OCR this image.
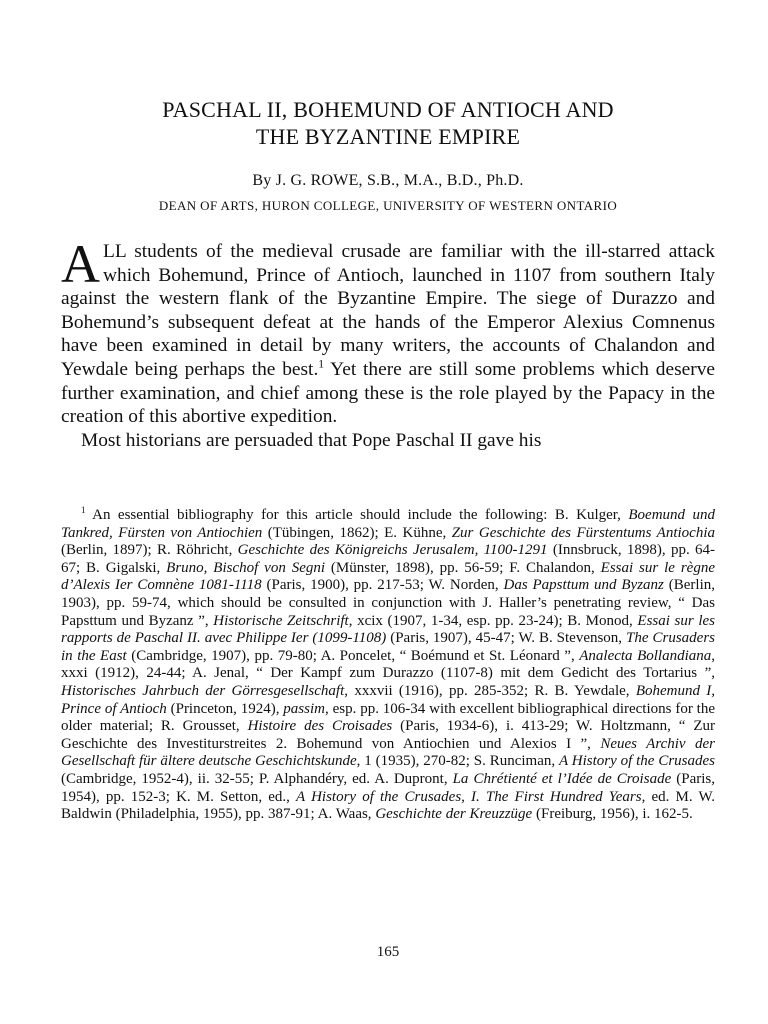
PASCHAL II, BOHEMUND OF ANTIOCH AND
THE BYZANTINE EMPIRE
By J. G. ROWE, S.B., M.A., B.D., Ph.D.
DEAN OF ARTS, HURON COLLEGE, UNIVERSITY OF WESTERN ONTARIO

ALL students of the medieval crusade are familiar with the ill-starred attack which Bohemund, Prince of Antioch, launched in 1107 from southern Italy against the western flank of the Byzantine Empire. The siege of Durazzo and Bohemund’s subsequent defeat at the hands of the Emperor Alexius Comnenus have been examined in detail by many writers, the accounts of Chalandon and Yewdale being perhaps the best.$^1$ Yet there are still some problems which deserve further examination, and chief among these is the role played by the Papacy in the creation of this abortive expedition.

Most historians are persuaded that Pope Paschal II gave his

$^1$ An essential bibliography for this article should include the following: B. Kulger, Boemund und Tankred, Fürsten von Antiochien (Tübingen, 1862); E. Kühne, Zur Geschichte des Fürstentums Antiochia (Berlin, 1897); R. Röhricht, Geschichte des Königreichs Jerusalem, 1100-1291 (Innsbruck, 1898), pp. 64-67; B. Gigalski, Bruno, Bischof von Segni (Münster, 1898), pp. 56-59; F. Chalandon, Essai sur le règne d’Alexis Ier Comnène 1081-1118 (Paris, 1900), pp. 217-53; W. Norden, Das Papsttum und Byzanz (Berlin, 1903), pp. 59-74, which should be consulted in conjunction with J. Haller’s penetrating review, “ Das Papsttum und Byzanz ”, Historische Zeitschrift, xcix (1907, 1-34, esp. pp. 23-24); B. Monod, Essai sur les rapports de Paschal II. avec Philippe Ier (1099-1108) (Paris, 1907), 45-47; W. B. Stevenson, The Crusaders in the East (Cambridge, 1907), pp. 79-80; A. Poncelet, “ Boémund et St. Léonard ”, Analecta Bollandiana, xxxi (1912), 24-44; A. Jenal, “ Der Kampf zum Durazzo (1107-8) mit dem Gedicht des Tortarius ”, Historisches Jahrbuch der Görresgesellschaft, xxxvii (1916), pp. 285-352; R. B. Yewdale, Bohemund I, Prince of Antioch (Princeton, 1924), passim, esp. pp. 106-34 with excellent bibliographical directions for the older material; R. Grousset, Histoire des Croisades (Paris, 1934-6), i. 413-29; W. Holtzmann, “ Zur Geschichte des Investiturstreites 2. Bohemund von Antiochien und Alexios I ”, Neues Archiv der Gesellschaft für ältere deutsche Geschichtskunde, 1 (1935), 270-82; S. Runciman, A History of the Crusades (Cambridge, 1952-4), ii. 32-55; P. Alphandéry, ed. A. Dupront, La Chrétienté et l’Idée de Croisade (Paris, 1954), pp. 152-3; K. M. Setton, ed., A History of the Crusades, I. The First Hundred Years, ed. M. W. Baldwin (Philadelphia, 1955), pp. 387-91; A. Waas, Geschichte der Kreuzzüge (Freiburg, 1956), i. 162-5.

165
